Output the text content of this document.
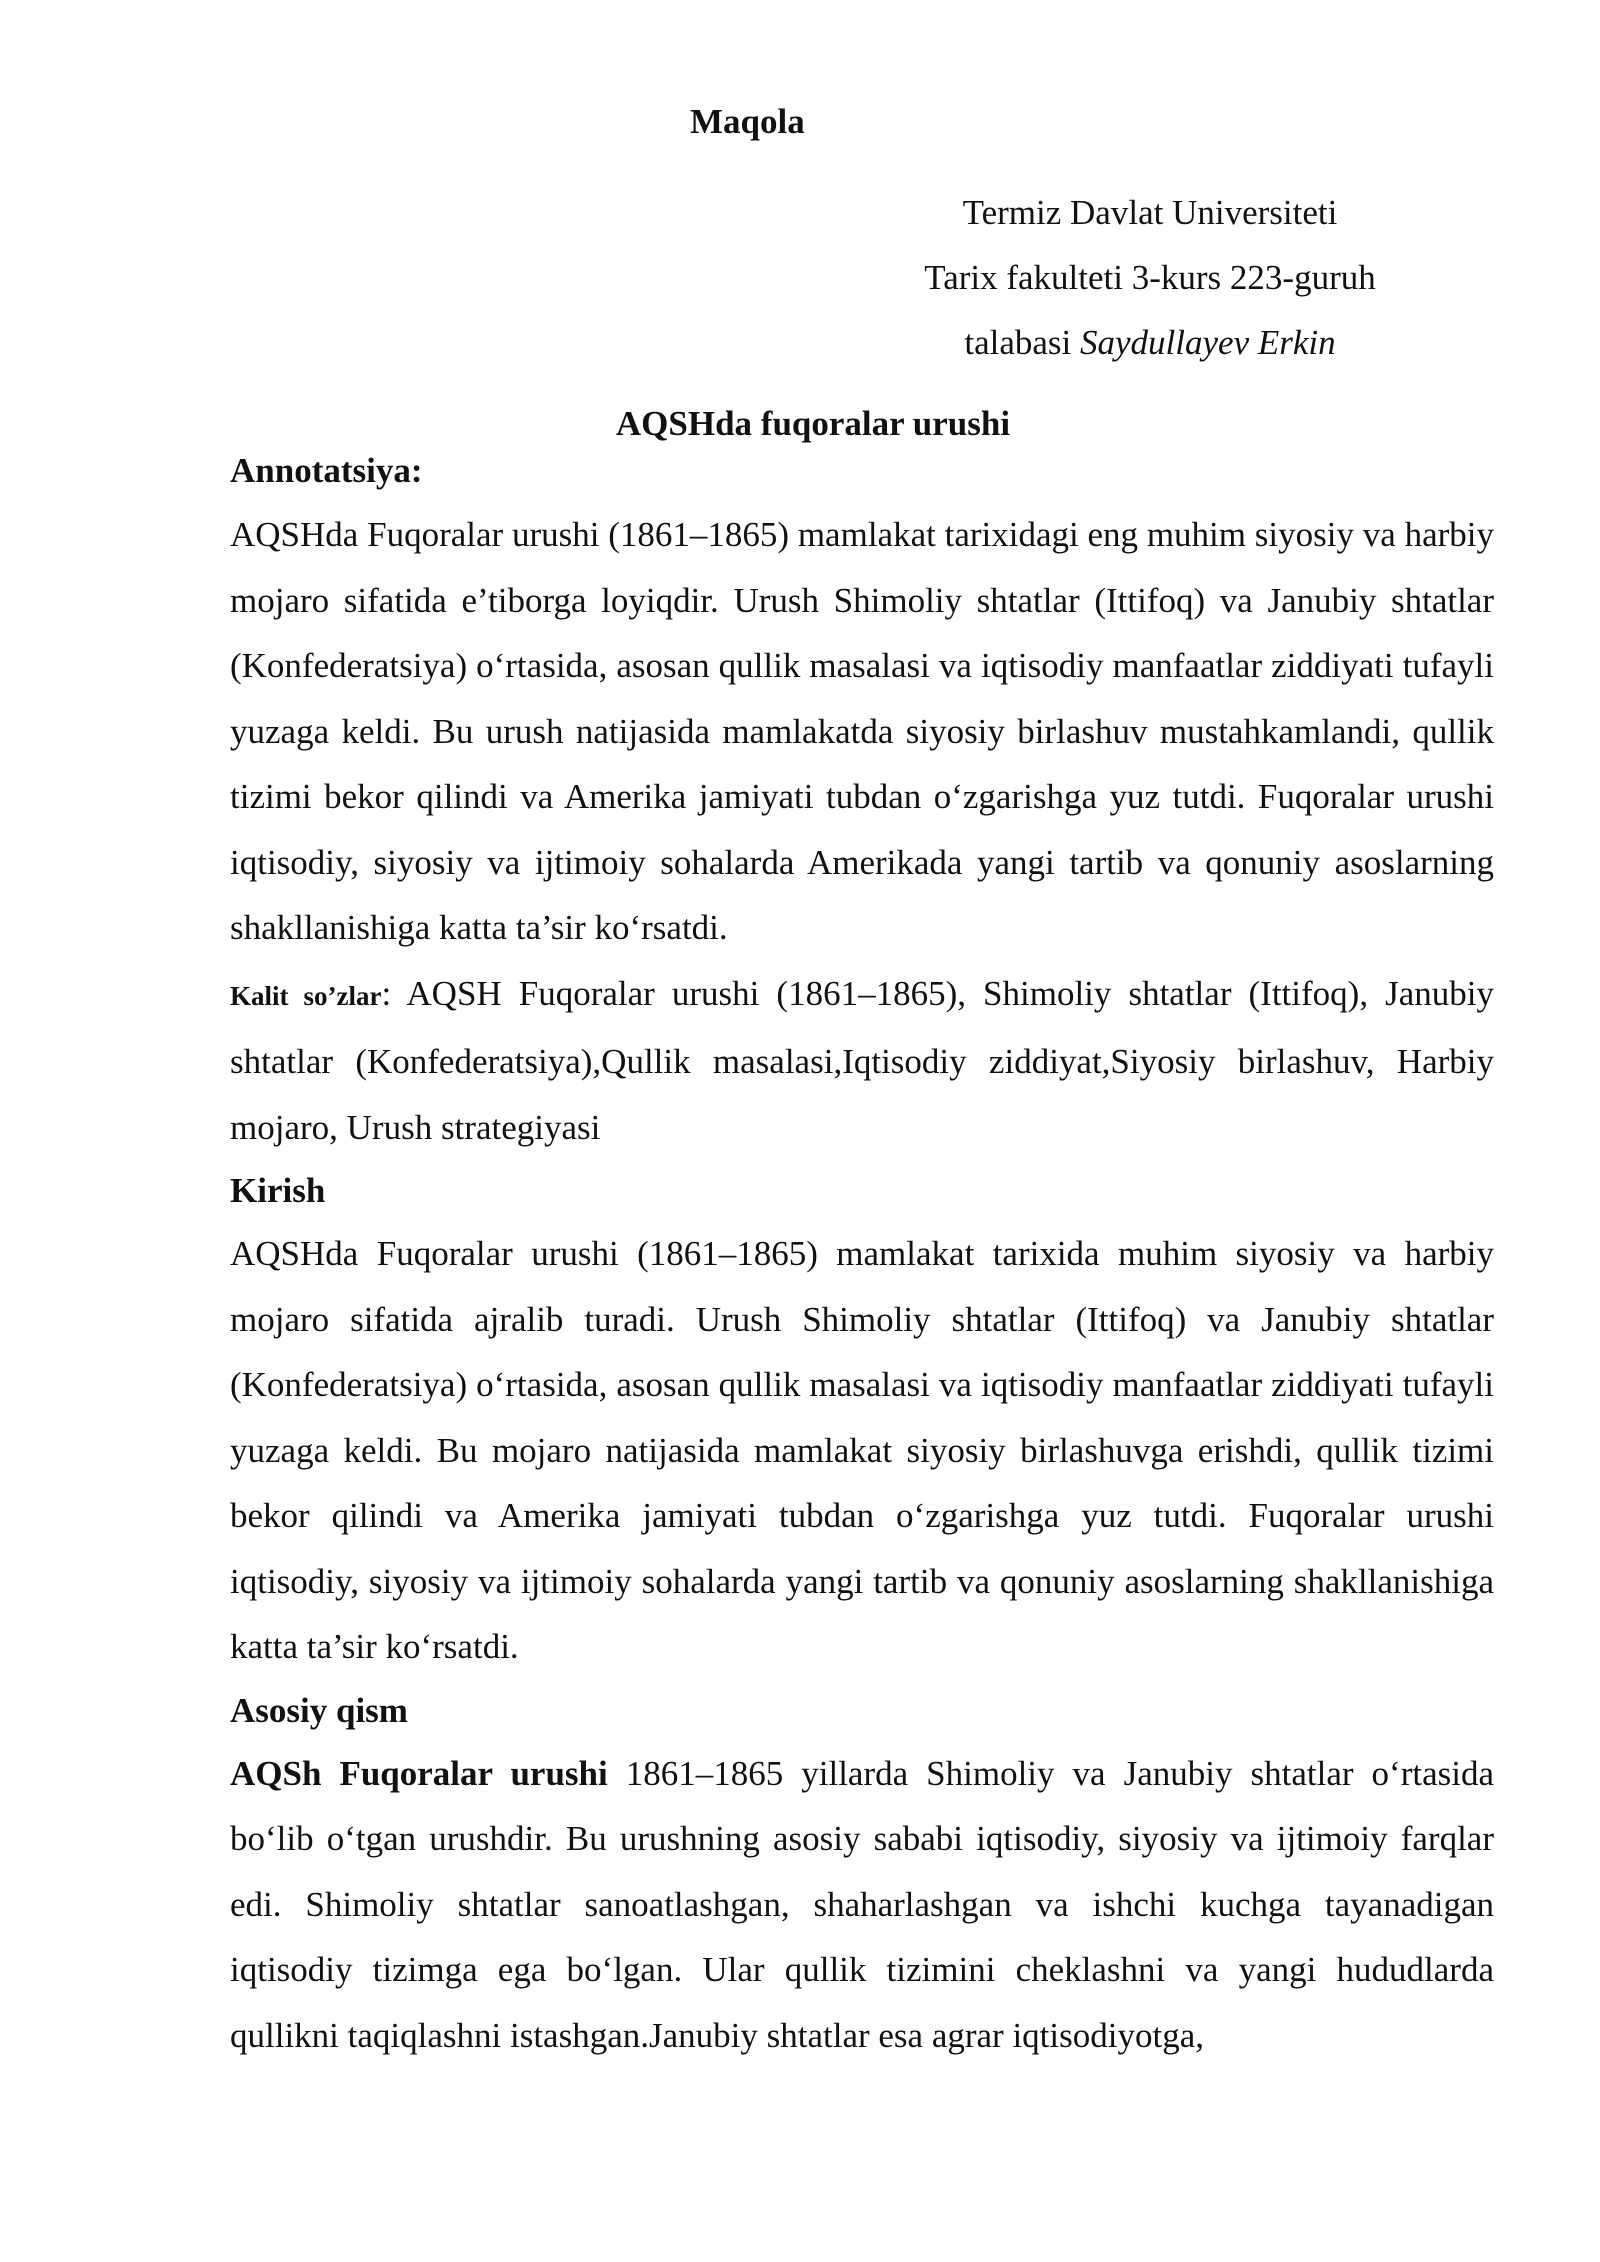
Maqola
Termiz Davlat Universiteti
Tarix fakulteti 3-kurs 223-guruh
talabasi Saydullayev Erkin
AQSHda fuqoralar urushi
Annotatsiya:

AQSHda Fuqoralar urushi (1861–1865) mamlakat tarixidagi eng muhim siyosiy va harbiy mojaro sifatida e’tiborga loyiqdir. Urush Shimoliy shtatlar (Ittifoq) va Janubiy shtatlar (Konfederatsiya) o‘rtasida, asosan qullik masalasi va iqtisodiy manfaatlar ziddiyati tufayli yuzaga keldi. Bu urush natijasida mamlakatda siyosiy birlashuv mustahkamlandi, qullik tizimi bekor qilindi va Amerika jamiyati tubdan o‘zgarishga yuz tutdi. Fuqoralar urushi iqtisodiy, siyosiy va ijtimoiy sohalarda Amerikada yangi tartib va qonuniy asoslarning shakllanishiga katta ta’sir ko‘rsatdi.

Kalit so’zlar: AQSH Fuqoralar urushi (1861–1865), Shimoliy shtatlar (Ittifoq), Janubiy shtatlar (Konfederatsiya),Qullik masalasi,Iqtisodiy ziddiyat,Siyosiy birlashuv, Harbiy mojaro, Urush strategiyasi

Kirish

AQSHda Fuqoralar urushi (1861–1865) mamlakat tarixida muhim siyosiy va harbiy mojaro sifatida ajralib turadi. Urush Shimoliy shtatlar (Ittifoq) va Janubiy shtatlar (Konfederatsiya) o‘rtasida, asosan qullik masalasi va iqtisodiy manfaatlar ziddiyati tufayli yuzaga keldi. Bu mojaro natijasida mamlakat siyosiy birlashuvga erishdi, qullik tizimi bekor qilindi va Amerika jamiyati tubdan o‘zgarishga yuz tutdi. Fuqoralar urushi iqtisodiy, siyosiy va ijtimoiy sohalarda yangi tartib va qonuniy asoslarning shakllanishiga katta ta’sir ko‘rsatdi.

Asosiy qism

AQSh Fuqoralar urushi 1861–1865 yillarda Shimoliy va Janubiy shtatlar o‘rtasida bo‘lib o‘tgan urushdir. Bu urushning asosiy sababi iqtisodiy, siyosiy va ijtimoiy farqlar edi. Shimoliy shtatlar sanoatlashgan, shaharlashgan va ishchi kuchga tayanadigan iqtisodiy tizimga ega bo‘lgan. Ular qullik tizimini cheklashni va yangi hududlarda qullikni taqiqlashni istashgan.Janubiy shtatlar esa agrar iqtisodiyotga,
